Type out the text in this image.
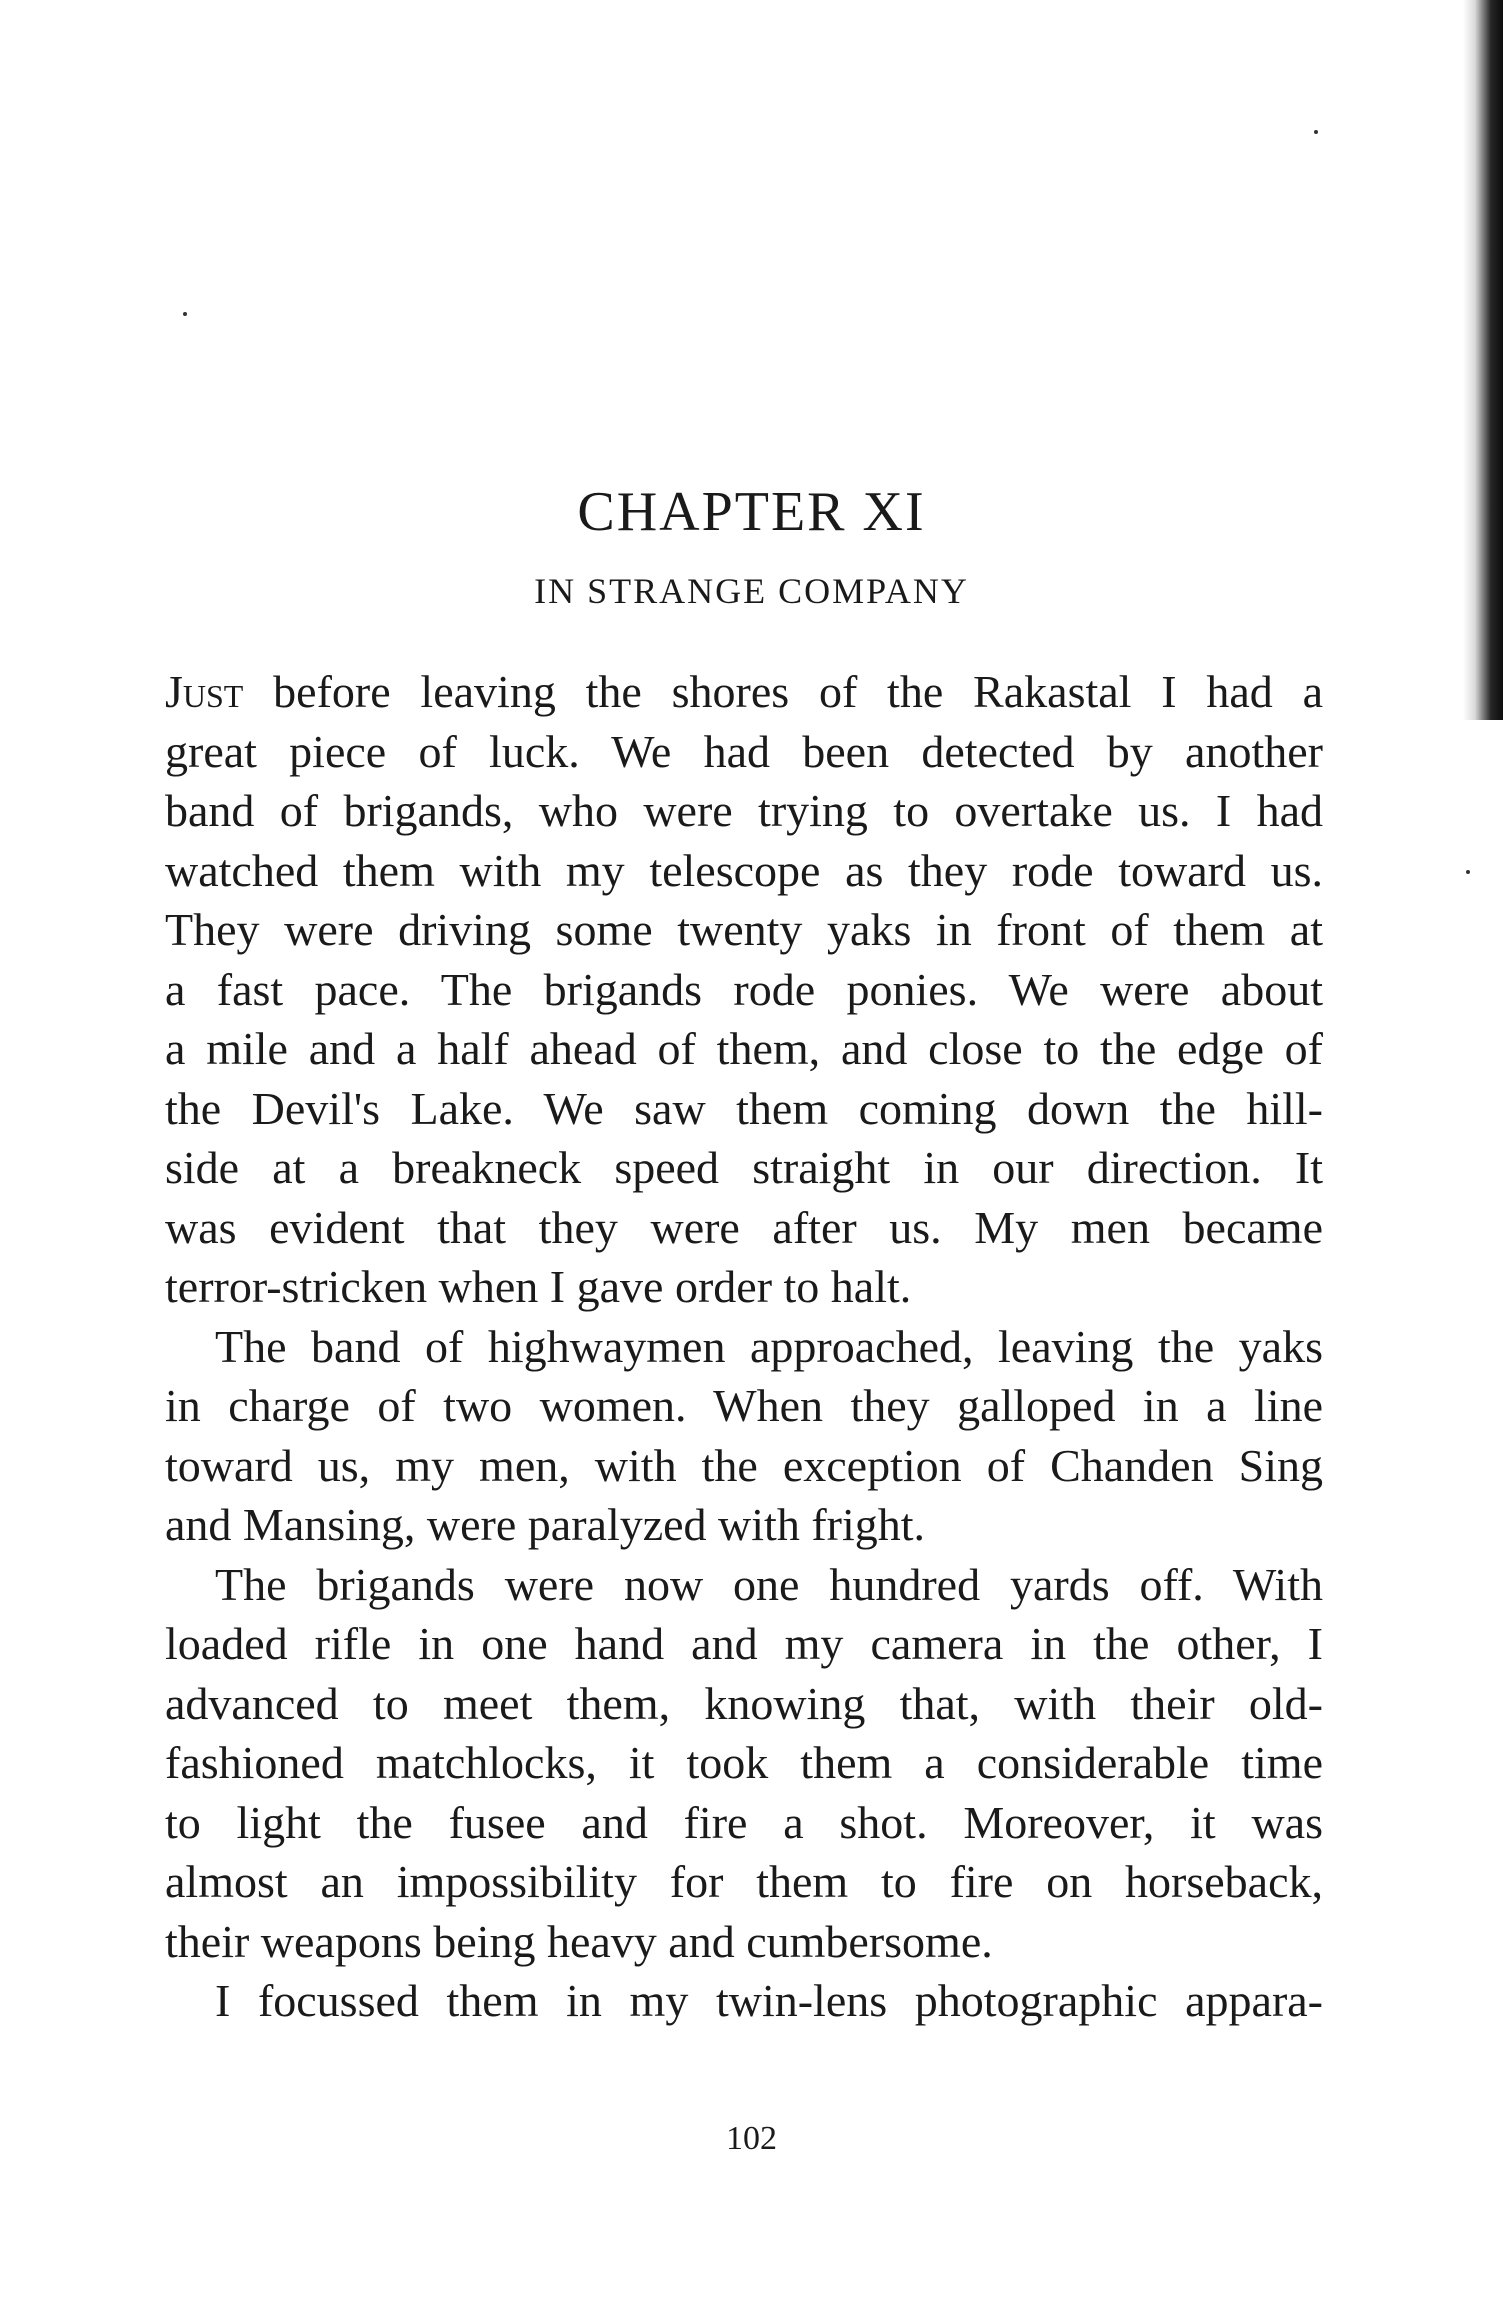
CHAPTER XI
IN STRANGE COMPANY

Just before leaving the shores of the Rakastal I had a
great piece of luck. We had been detected by another
band of brigands, who were trying to overtake us. I had
watched them with my telescope as they rode toward us.
They were driving some twenty yaks in front of them at
a fast pace. The brigands rode ponies. We were about
a mile and a half ahead of them, and close to the edge of
the Devil's Lake. We saw them coming down the hill-
side at a breakneck speed straight in our direction. It
was evident that they were after us. My men became
terror-stricken when I gave order to halt.

The band of highwaymen approached, leaving the yaks
in charge of two women. When they galloped in a line
toward us, my men, with the exception of Chanden Sing
and Mansing, were paralyzed with fright.

The brigands were now one hundred yards off. With
loaded rifle in one hand and my camera in the other, I
advanced to meet them, knowing that, with their old-
fashioned matchlocks, it took them a considerable time
to light the fusee and fire a shot. Moreover, it was
almost an impossibility for them to fire on horseback,
their weapons being heavy and cumbersome.

I focussed them in my twin-lens photographic appara-

102
